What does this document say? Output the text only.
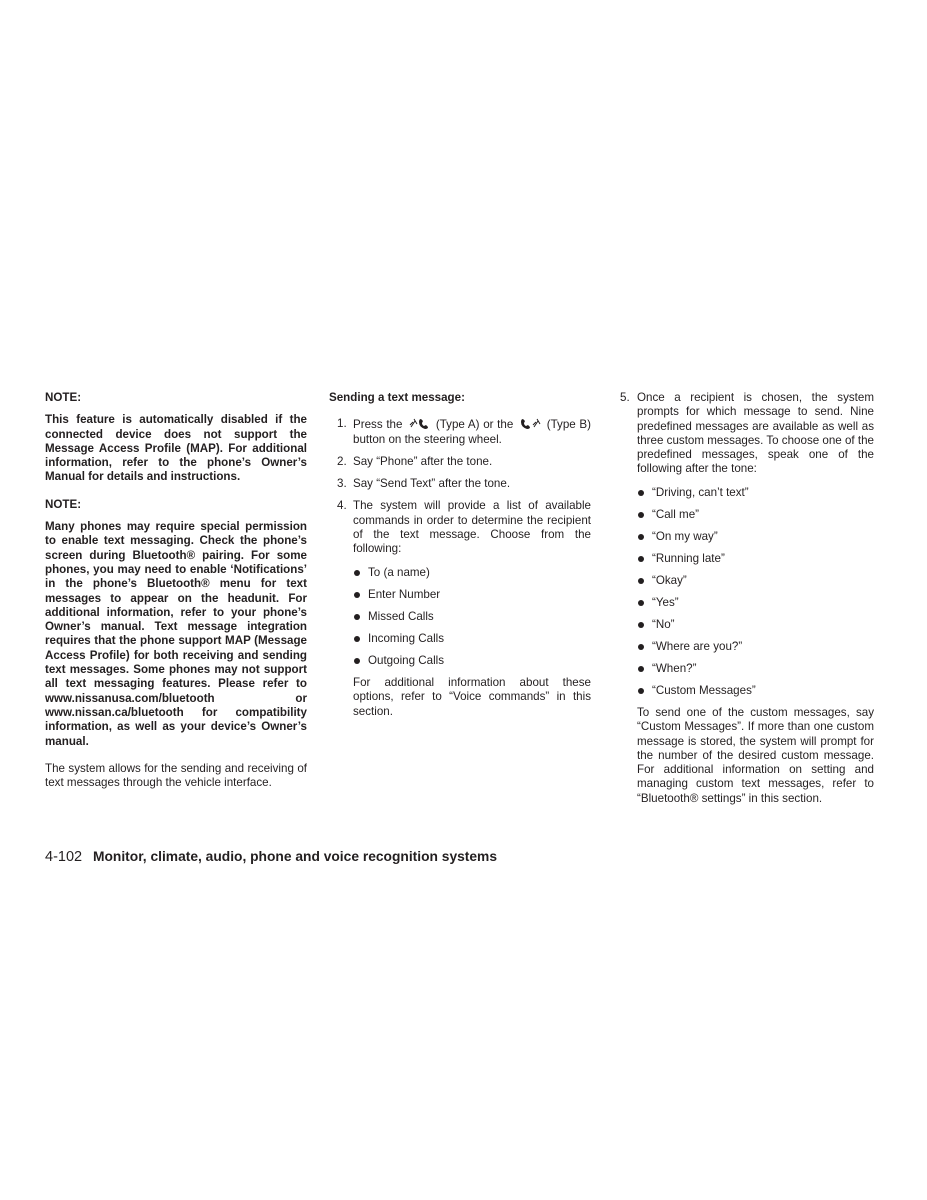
NOTE:
This feature is automatically disabled if the connected device does not support the Message Access Profile (MAP). For additional information, refer to the phone’s Owner’s Manual for details and instructions.
NOTE:
Many phones may require special permission to enable text messaging. Check the phone’s screen during Bluetooth® pairing. For some phones, you may need to enable ‘Notifications’ in the phone’s Bluetooth® menu for text messages to appear on the headunit. For additional information, refer to your phone’s Owner’s manual. Text message integration requires that the phone support MAP (Message Access Profile) for both receiving and sending text messages. Some phones may not support all text messaging features. Please refer to www.nissanusa.com/bluetooth or www.nissan.ca/bluetooth for compatibility information, as well as your device’s Owner’s manual.
The system allows for the sending and receiving of text messages through the vehicle interface.
Sending a text message:
1. Press the	(Type A) or the	(Type B) button on the steering wheel.
2. Say “Phone” after the tone.
3. Say “Send Text” after the tone.
4. The system will provide a list of available commands in order to determine the recipient of the text message. Choose from the following:
To (a name)
Enter Number
Missed Calls
Incoming Calls
Outgoing Calls
For additional information about these options, refer to “Voice commands” in this section.
5. Once a recipient is chosen, the system prompts for which message to send. Nine predefined messages are available as well as three custom messages. To choose one of the predefined messages, speak one of the following after the tone:
“Driving, can’t text”
“Call me”
“On my way”
“Running late”
“Okay”
“Yes”
“No”
“Where are you?”
“When?”
“Custom Messages”
To send one of the custom messages, say “Custom Messages”. If more than one custom message is stored, the system will prompt for the number of the desired custom message. For additional information on setting and managing custom text messages, refer to “Bluetooth® settings” in this section.
4-102 Monitor, climate, audio, phone and voice recognition systems
